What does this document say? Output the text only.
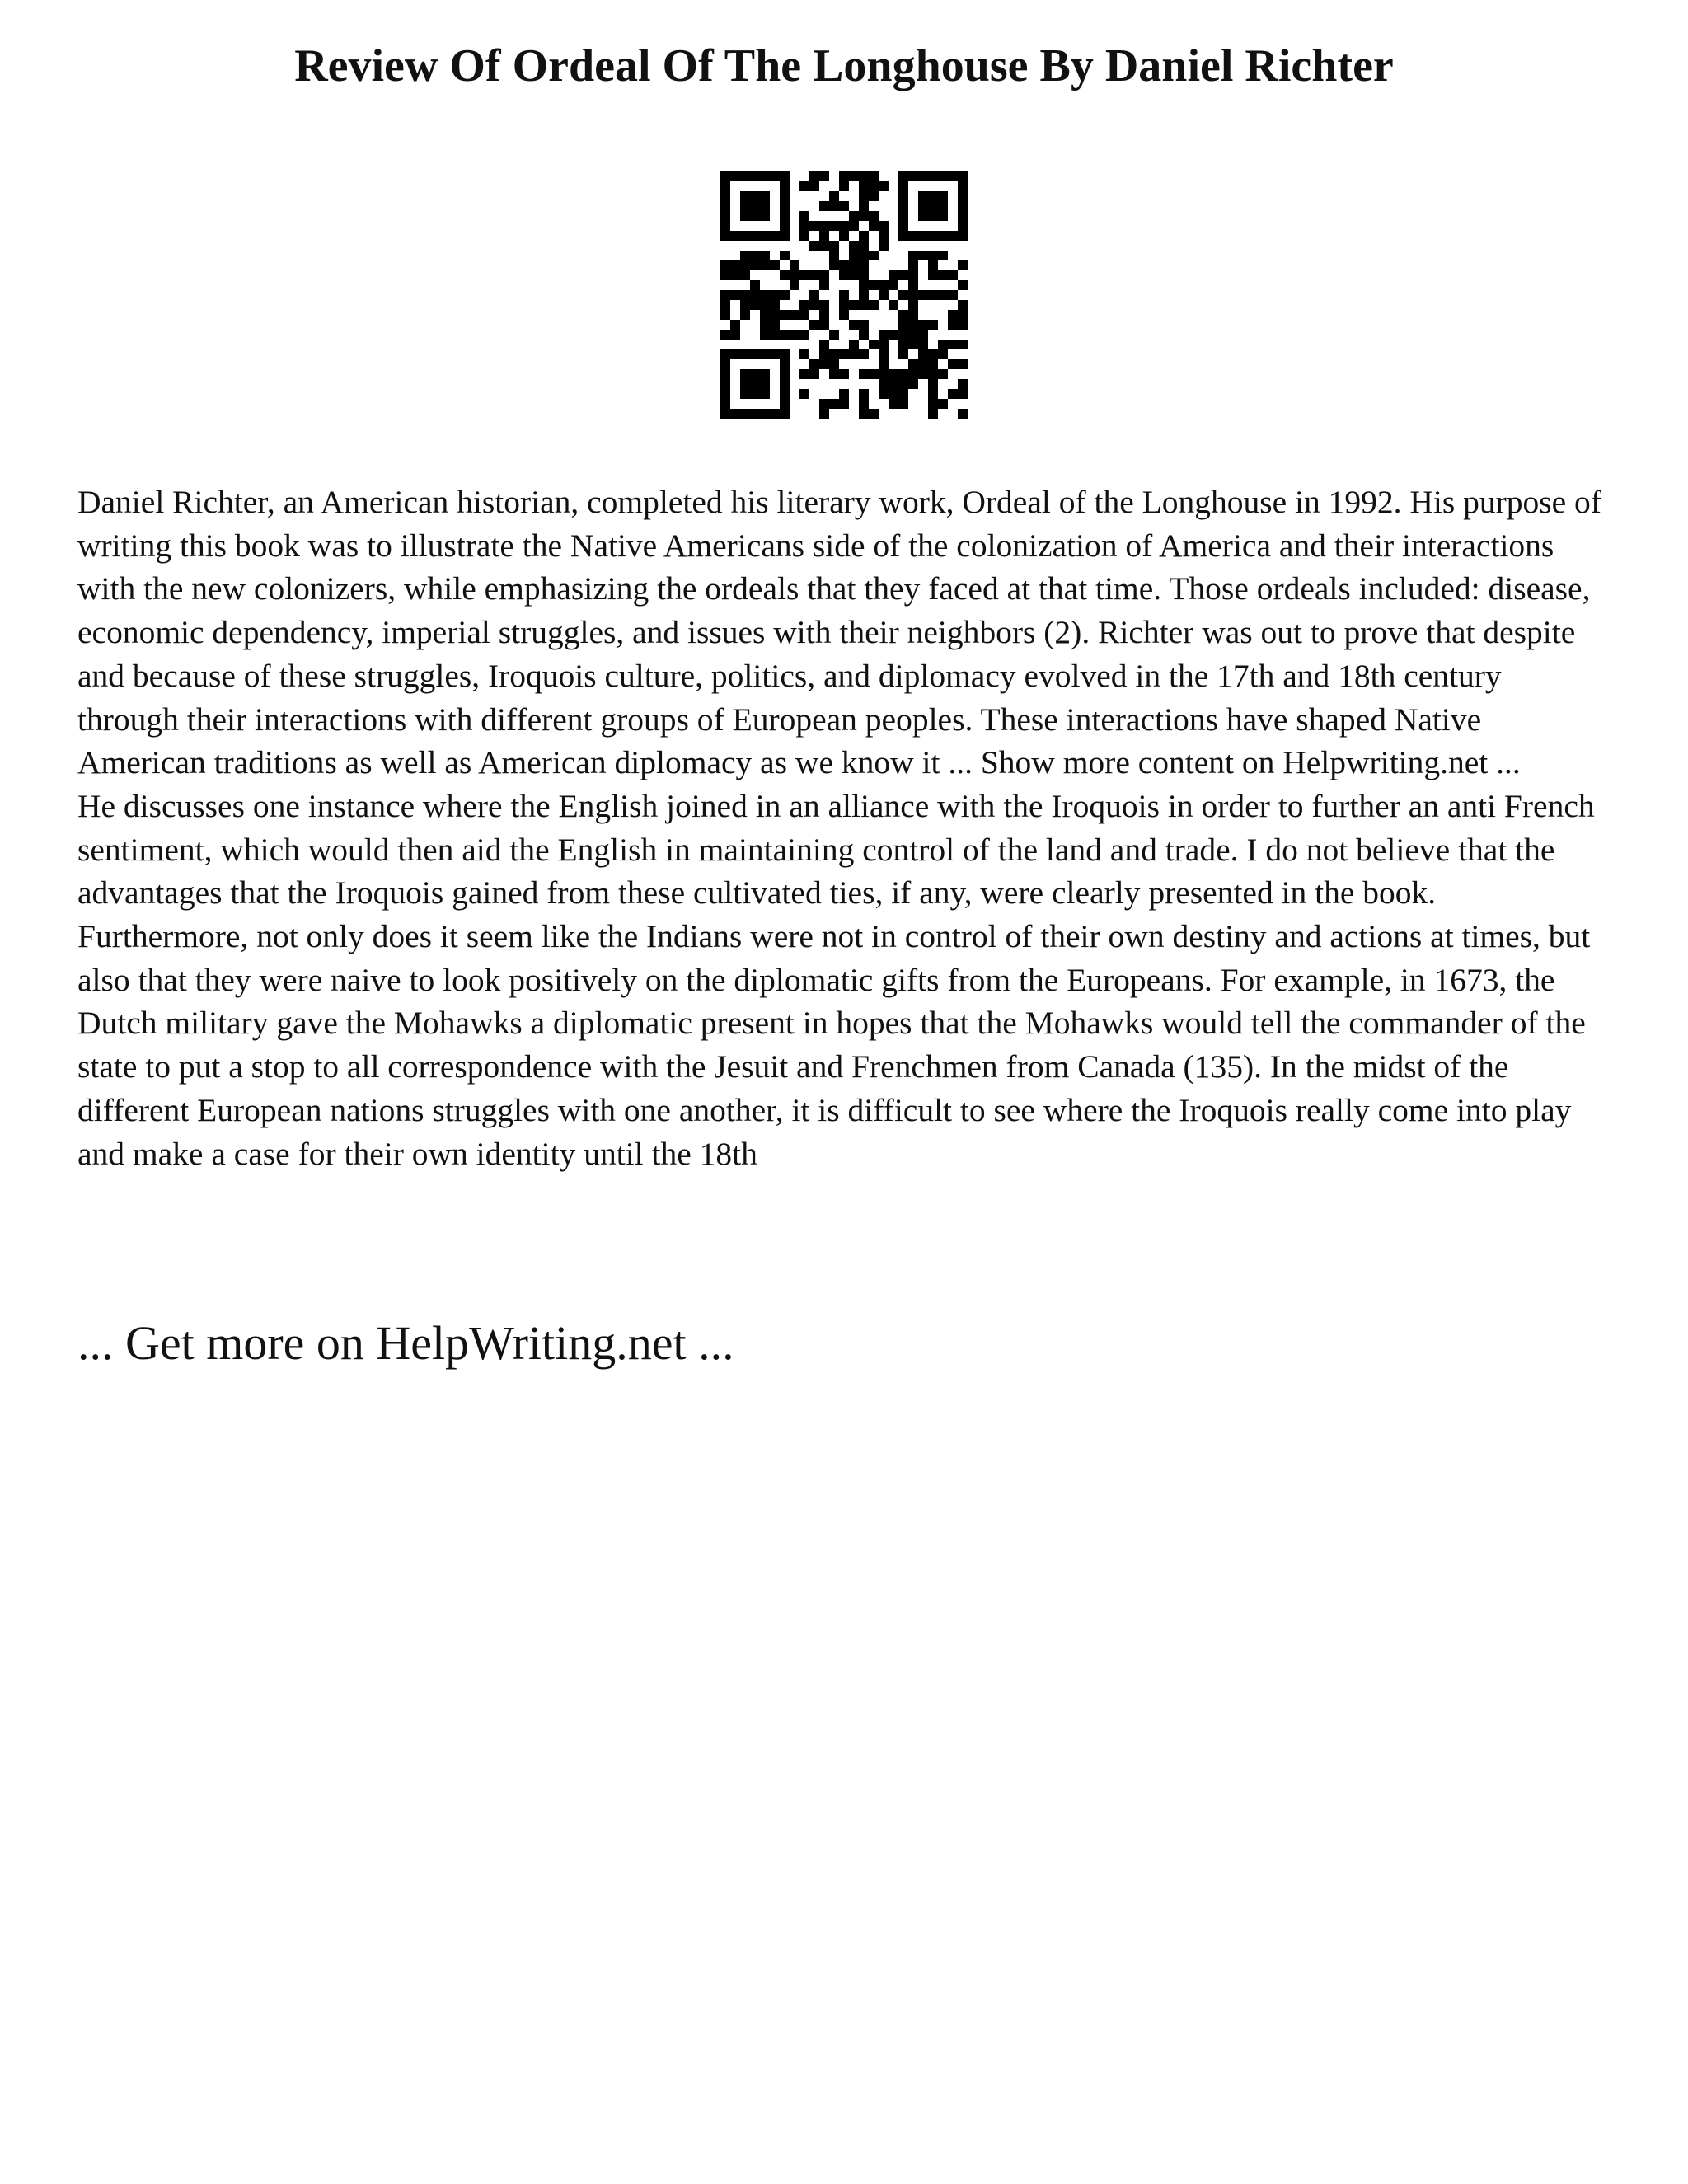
Review Of Ordeal Of The Longhouse By Daniel Richter

Daniel Richter, an American historian, completed his literary work, Ordeal of the Longhouse in 1992. His purpose of writing this book was to illustrate the Native Americans side of the colonization of America and their interactions with the new colonizers, while emphasizing the ordeals that they faced at that time. Those ordeals included: disease, economic dependency, imperial struggles, and issues with their neighbors (2). Richter was out to prove that despite and because of these struggles, Iroquois culture, politics, and diplomacy evolved in the 17th and 18th century through their interactions with different groups of European peoples. These interactions have shaped Native American traditions as well as American diplomacy as we know it ... Show more content on Helpwriting.net ...

He discusses one instance where the English joined in an alliance with the Iroquois in order to further an anti French sentiment, which would then aid the English in maintaining control of the land and trade. I do not believe that the advantages that the Iroquois gained from these cultivated ties, if any, were clearly presented in the book. Furthermore, not only does it seem like the Indians were not in control of their own destiny and actions at times, but also that they were naive to look positively on the diplomatic gifts from the Europeans. For example, in 1673, the Dutch military gave the Mohawks a diplomatic present in hopes that the Mohawks would tell the commander of the state to put a stop to all correspondence with the Jesuit and Frenchmen from Canada (135). In the midst of the different European nations struggles with one another, it is difficult to see where the Iroquois really come into play and make a case for their own identity until the 18th

... Get more on HelpWriting.net ...
